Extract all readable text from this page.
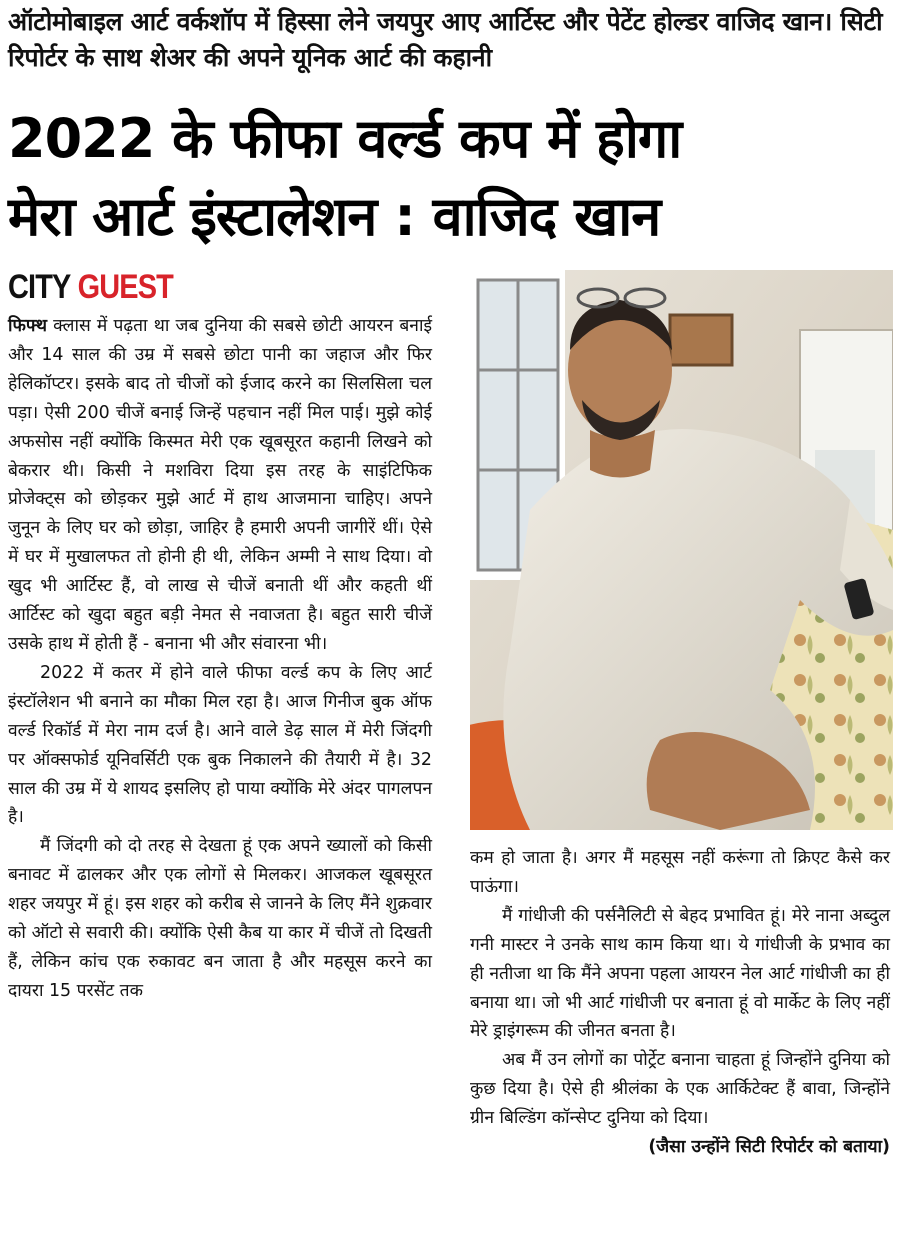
ऑटोमोबाइल आर्ट वर्कशॉप में हिस्सा लेने जयपुर आए आर्टिस्ट और पेटेंट होल्डर वाजिद खान। सिटी रिपोर्टर के साथ शेअर की अपने यूनिक आर्ट की कहानी
2022 के फीफा वर्ल्ड कप में होगा
मेरा आर्ट इंस्टालेशन : वाजिद खान
CITY GUEST

फिफ्थ क्लास में पढ़ता था जब दुनिया की सबसे छोटी आयरन बनाई और 14 साल की उम्र में सबसे छोटा पानी का जहाज और फिर हेलिकॉप्टर। इसके बाद तो चीजों को ईजाद करने का सिलसिला चल पड़ा। ऐसी 200 चीजें बनाई जिन्हें पहचान नहीं मिल पाई। मुझे कोई अफसोस नहीं क्योंकि किस्मत मेरी एक खूबसूरत कहानी लिखने को बेकरार थी। किसी ने मशविरा दिया इस तरह के साइंटिफिक प्रोजेक्ट्स को छोड़कर मुझे आर्ट में हाथ आजमाना चाहिए। अपने जुनून के लिए घर को छोड़ा, जाहिर है हमारी अपनी जागीरें थीं। ऐसे में घर में मुखालफत तो होनी ही थी, लेकिन अम्मी ने साथ दिया। वो खुद भी आर्टिस्ट हैं, वो लाख से चीजें बनाती थीं और कहती थीं आर्टिस्ट को खुदा बहुत बड़ी नेमत से नवाजता है। बहुत सारी चीजें उसके हाथ में होती हैं - बनाना भी और संवारना भी।

2022 में कतर में होने वाले फीफा वर्ल्ड कप के लिए आर्ट इंस्टॉलेशन भी बनाने का मौका मिल रहा है। आज गिनीज बुक ऑफ वर्ल्ड रिकॉर्ड में मेरा नाम दर्ज है। आने वाले डेढ़ साल में मेरी जिंदगी पर ऑक्सफोर्ड यूनिवर्सिटी एक बुक निकालने की तैयारी में है। 32 साल की उम्र में ये शायद इसलिए हो पाया क्योंकि मेरे अंदर पागलपन है।

मैं जिंदगी को दो तरह से देखता हूं एक अपने ख्यालों को किसी बनावट में ढालकर और एक लोगों से मिलकर। आजकल खूबसूरत शहर जयपुर में हूं। इस शहर को करीब से जानने के लिए मैंने शुक्रवार को ऑटो से सवारी की। क्योंकि ऐसी कैब या कार में चीजें तो दिखती हैं, लेकिन कांच एक रुकावट बन जाता है और महसूस करने का दायरा 15 परसेंट तक

कम हो जाता है। अगर मैं महसूस नहीं करूंगा तो क्रिएट कैसे कर पाऊंगा।

मैं गांधीजी की पर्सनैलिटी से बेहद प्रभावित हूं। मेरे नाना अब्दुल गनी मास्टर ने उनके साथ काम किया था। ये गांधीजी के प्रभाव का ही नतीजा था कि मैंने अपना पहला आयरन नेल आर्ट गांधीजी का ही बनाया था। जो भी आर्ट गांधीजी पर बनाता हूं वो मार्केट के लिए नहीं मेरे ड्राइंगरूम की जीनत बनता है।

अब मैं उन लोगों का पोर्ट्रेट बनाना चाहता हूं जिन्होंने दुनिया को कुछ दिया है। ऐसे ही श्रीलंका के एक आर्किटेक्ट हैं बावा, जिन्होंने ग्रीन बिल्डिंग कॉन्सेप्ट दुनिया को दिया।

(जैसा उन्होंने सिटी रिपोर्टर को बताया)
